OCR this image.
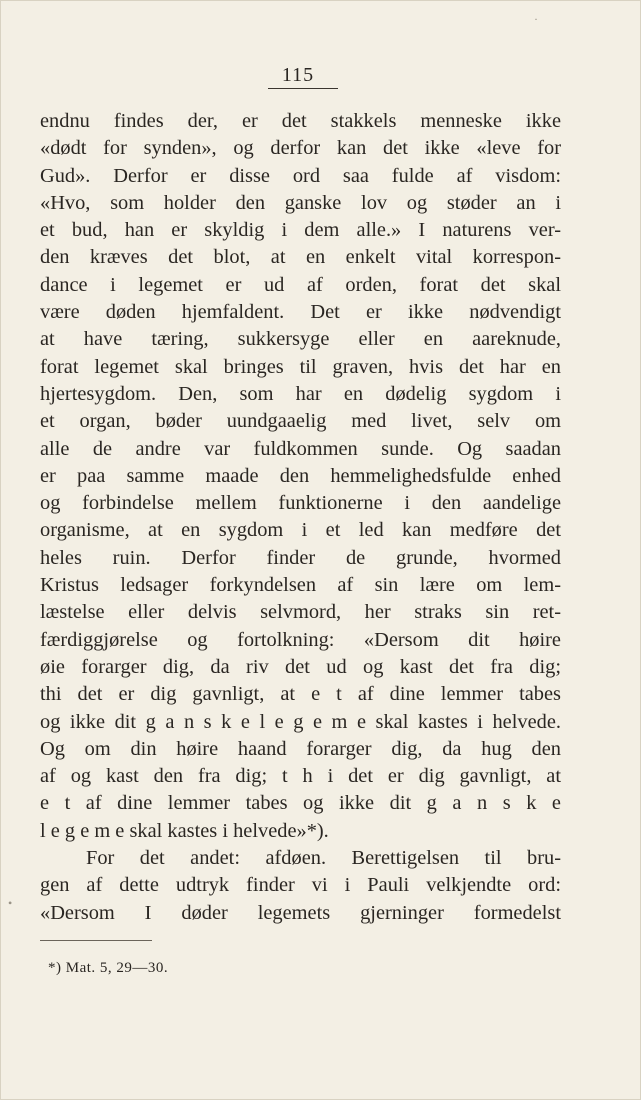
115
endnu findes der, er det stakkels menneske ikke
«dødt for synden», og derfor kan det ikke «leve for
Gud». Derfor er disse ord saa fulde af visdom:
«Hvo, som holder den ganske lov og støder an i
et bud, han er skyldig i dem alle.» I naturens ver-
den kræves det blot, at en enkelt vital korrespon-
dance i legemet er ud af orden, forat det skal
være døden hjemfaldent. Det er ikke nødvendigt
at have tæring, sukkersyge eller en aareknude,
forat legemet skal bringes til graven, hvis det har en
hjertesygdom. Den, som har en dødelig sygdom i
et organ, bøder uundgaaelig med livet, selv om
alle de andre var fuldkommen sunde. Og saadan
er paa samme maade den hemmelighedsfulde enhed
og forbindelse mellem funktionerne i den aandelige
organisme, at en sygdom i et led kan medføre det
heles ruin. Derfor finder de grunde, hvormed
Kristus ledsager forkyndelsen af sin lære om lem-
læstelse eller delvis selvmord, her straks sin ret-
færdiggjørelse og fortolkning: «Dersom dit høire
øie forarger dig, da riv det ud og kast det fra dig;
thi det er dig gavnligt, at e t af dine lemmer tabes
og ikke dit g a n s k e l e g e m e skal kastes i helvede.
Og om din høire haand forarger dig, da hug den
af og kast den fra dig; t h i det er dig gavnligt, at
e t af dine lemmer tabes og ikke dit g a n s k e
l e g e m e skal kastes i helvede»*).
For det andet: afdøen. Berettigelsen til bru-
gen af dette udtryk finder vi i Pauli velkjendte ord:
«Dersom I døder legemets gjerninger formedelst
*) Mat. 5, 29—30.
·
•
